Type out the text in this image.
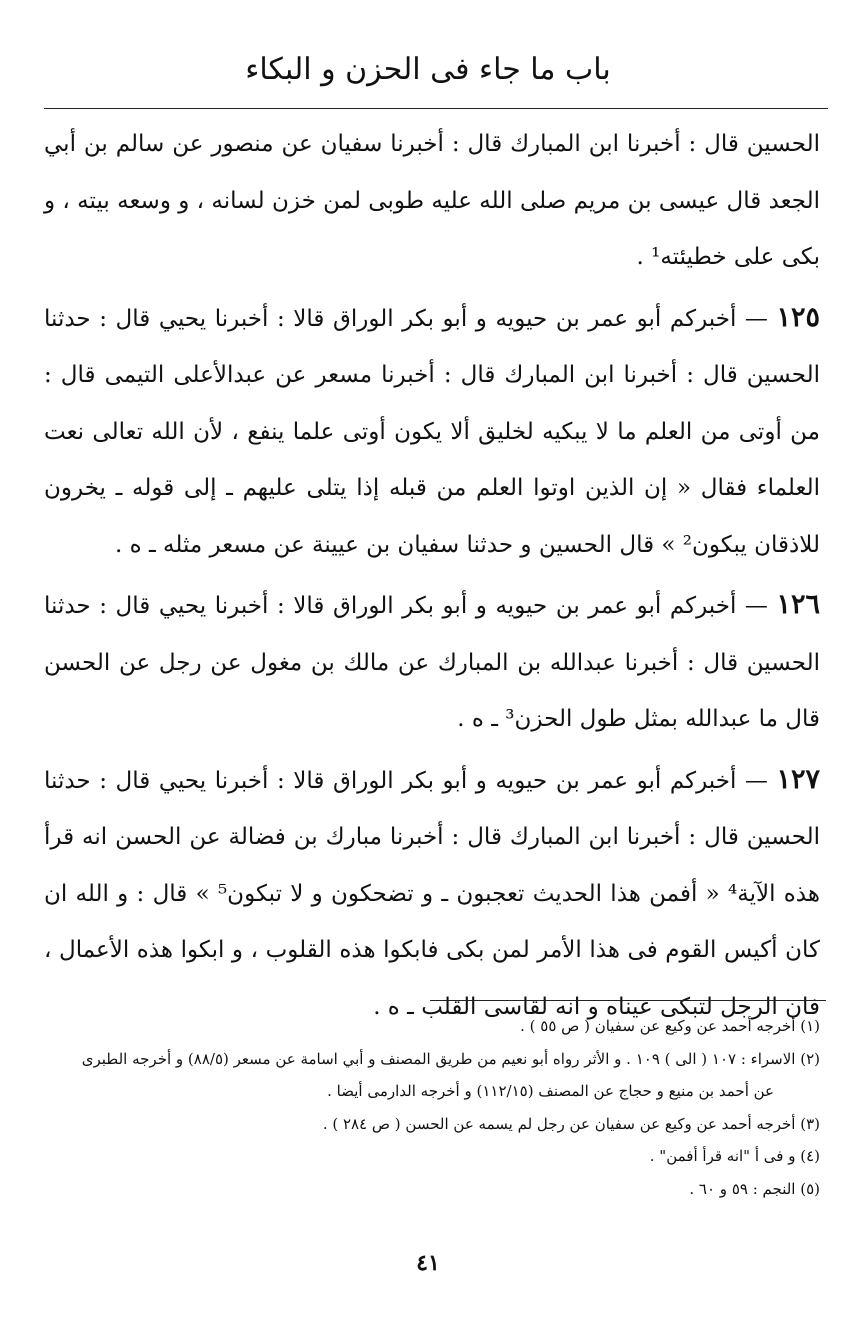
باب ما جاء فى الحزن و البكاء

الحسين قال : أخبرنا ابن المبارك قال : أخبرنا سفيان عن منصور عن سالم بن أبي الجعد قال عيسى بن مريم صلى الله عليه طوبى لمن خزن لسانه ، و وسعه بيته ، و بكى على خطيئته¹ .

١٢٥ — أخبركم أبو عمر بن حيويه و أبو بكر الوراق قالا : أخبرنا يحيي قال : حدثنا الحسين قال : أخبرنا ابن المبارك قال : أخبرنا مسعر عن عبدالأعلى التيمى قال : من أوتى من العلم ما لا يبكيه لخليق ألا يكون أوتى علما ينفع ، لأن الله تعالى نعت العلماء فقال « إن الذين اوتوا العلم من قبله إذا يتلى عليهم ـ إلى قوله ـ يخرون للاذقان يبكون² » قال الحسين و حدثنا سفيان بن عيينة عن مسعر مثله ـ ه .

١٢٦ — أخبركم أبو عمر بن حيويه و أبو بكر الوراق قالا : أخبرنا يحيي قال : حدثنا الحسين قال : أخبرنا عبدالله بن المبارك عن مالك بن مغول عن رجل عن الحسن قال ما عبدالله بمثل طول الحزن³ ـ ه .

١٢٧ — أخبركم أبو عمر بن حيويه و أبو بكر الوراق قالا : أخبرنا يحيي قال : حدثنا الحسين قال : أخبرنا ابن المبارك قال : أخبرنا مبارك بن فضالة عن الحسن انه قرأ هذه الآية⁴ « أفمن هذا الحديث تعجبون ـ و تضحكون و لا تبكون⁵ » قال : و الله ان كان أكيس القوم فى هذا الأمر لمن بكى فابكوا هذه القلوب ، و ابكوا هذه الأعمال ، فان الرجل لتبكى عيناه و انه لقاسى القلب ـ ه .

(١) أخرجه أحمد عن وكيع عن سفيان ( ص ٥٥ ) .

(٢) الاسراء : ١٠٧ ( الى ) ١٠٩ . و الأثر رواه أبو نعيم من طريق المصنف و أبي اسامة عن مسعر (٨٨/٥) و أخرجه الطبرى

عن أحمد بن منيع و حجاج عن المصنف (١١٢/١٥) و أخرجه الدارمى أيضا .

(٣) أخرجه أحمد عن وكيع عن سفيان عن رجل لم يسمه عن الحسن ( ص ٢٨٤ ) .

(٤) و فى أ "انه قرأ أفمن" .

(٥) النجم : ٥٩ و ٦٠ .

٤١
